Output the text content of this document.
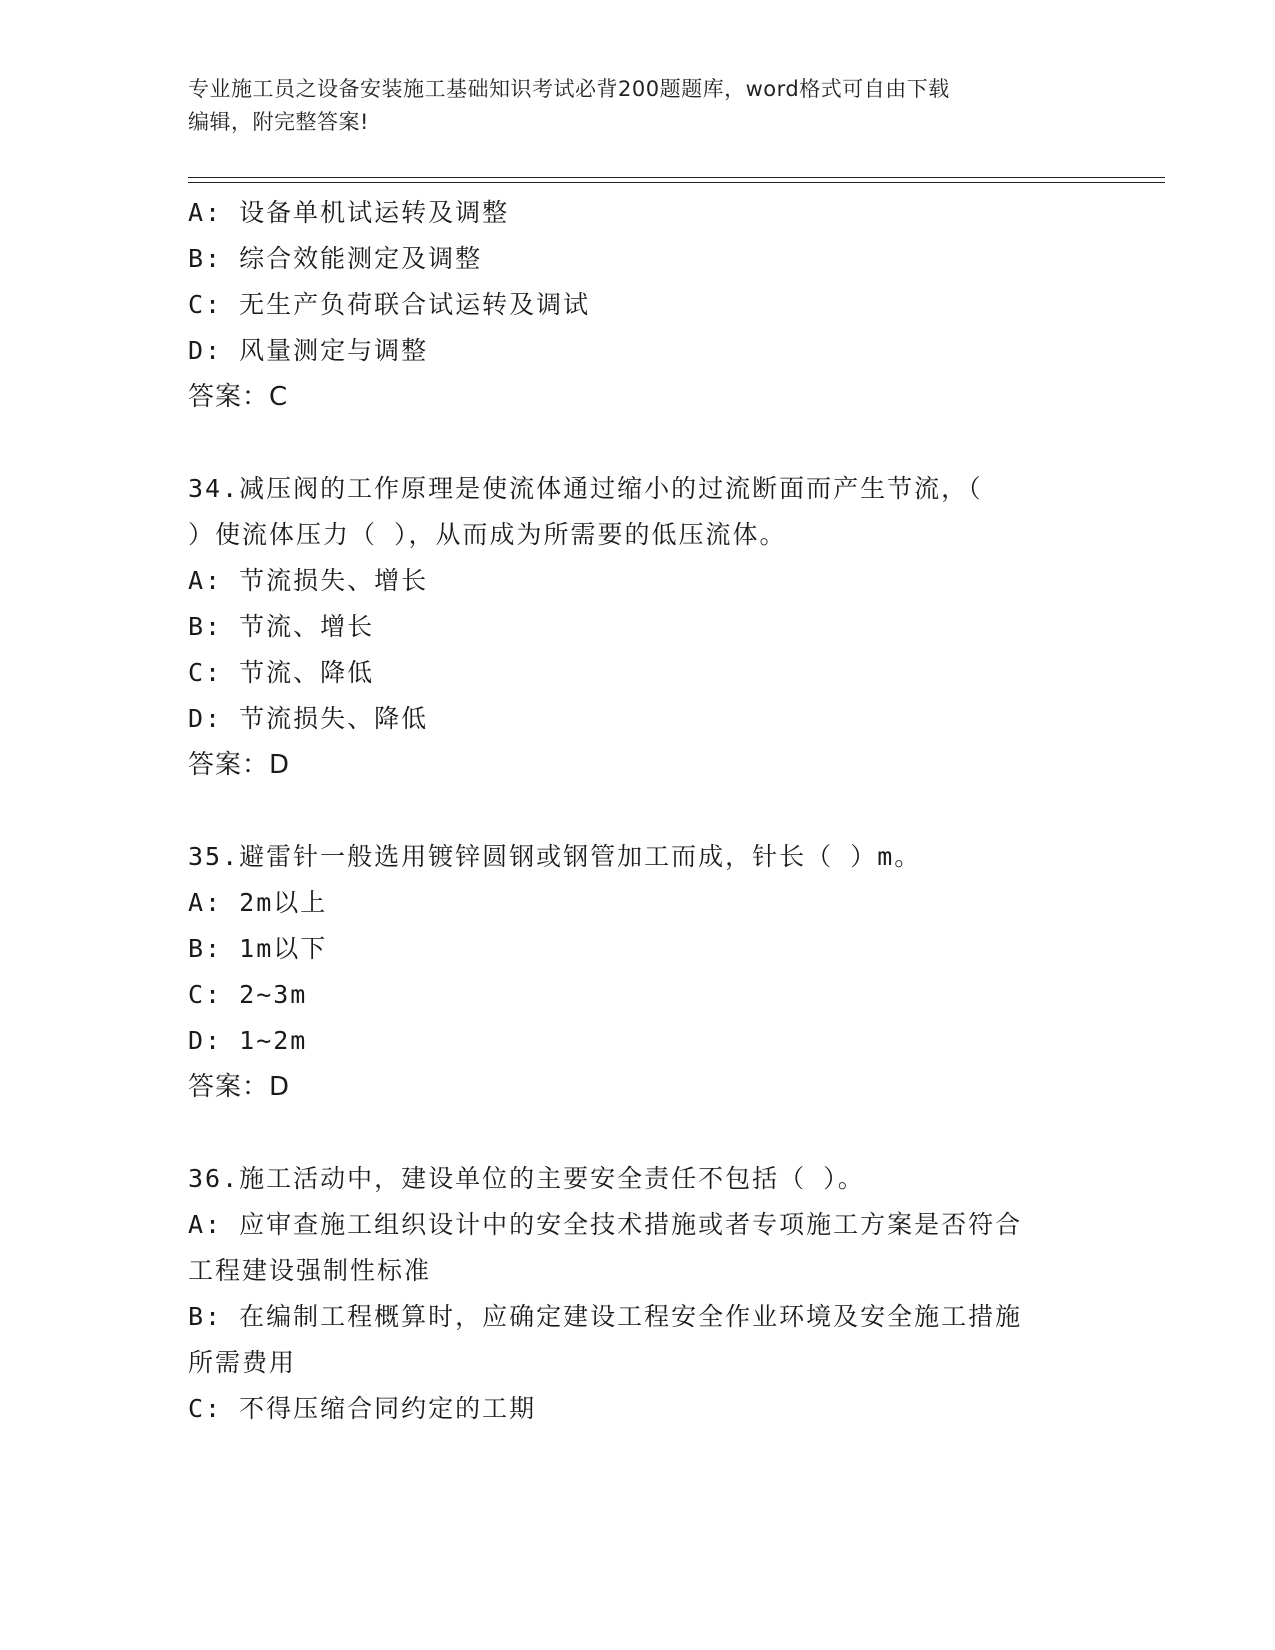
专业施工员之设备安装施工基础知识考试必背200题题库，word格式可自由下载
编辑，附完整答案!
A: 设备单机试运转及调整
B: 综合效能测定及调整
C: 无生产负荷联合试运转及调试
D: 风量测定与调整
答案：C
34.减压阀的工作原理是使流体通过缩小的过流断面而产生节流，（
）使流体压力（ ），从而成为所需要的低压流体。
A: 节流损失、增长
B: 节流、增长
C: 节流、降低
D: 节流损失、降低
答案：D
35.避雷针一般选用镀锌圆钢或钢管加工而成，针长（ ）m。
A: 2m以上
B: 1m以下
C: 2~3m
D: 1~2m
答案：D
36.施工活动中，建设单位的主要安全责任不包括（ ）。
A: 应审查施工组织设计中的安全技术措施或者专项施工方案是否符合
工程建设强制性标准
B: 在编制工程概算时，应确定建设工程安全作业环境及安全施工措施
所需费用
C: 不得压缩合同约定的工期
